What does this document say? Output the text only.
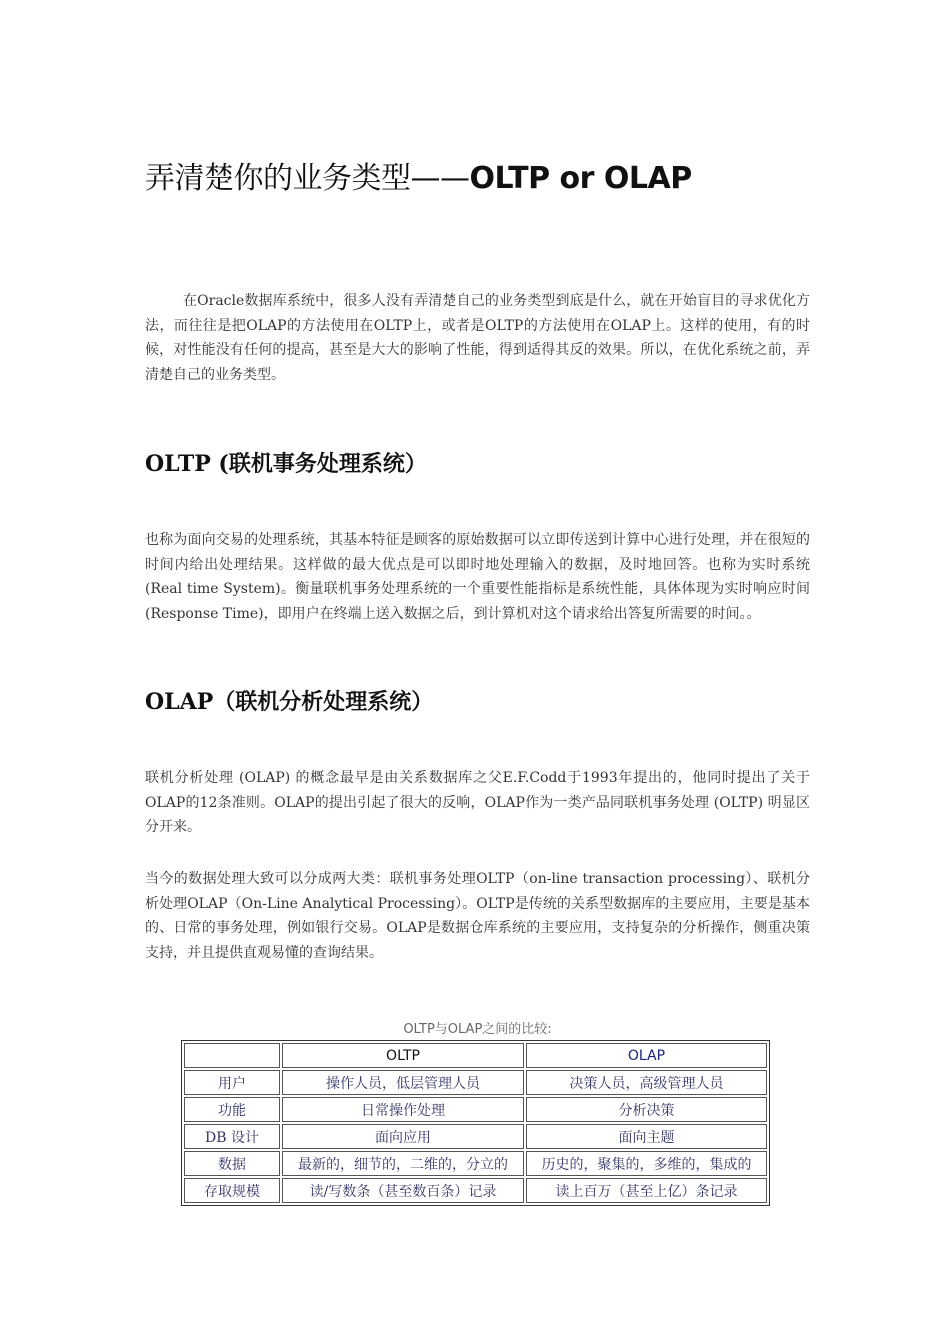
弄清楚你的业务类型——OLTP or OLAP

在Oracle数据库系统中，很多人没有弄清楚自己的业务类型到底是什么，就在开始盲目的寻求优化方法，而往往是把OLAP的方法使用在OLTP上，或者是OLTP的方法使用在OLAP上。这样的使用，有的时候，对性能没有任何的提高，甚至是大大的影响了性能，得到适得其反的效果。所以，在优化系统之前，弄清楚自己的业务类型。

OLTP (联机事务处理系统）

也称为面向交易的处理系统，其基本特征是顾客的原始数据可以立即传送到计算中心进行处理，并在很短的时间内给出处理结果。这样做的最大优点是可以即时地处理输入的数据，及时地回答。也称为实时系统(Real time System)。衡量联机事务处理系统的一个重要性能指标是系统性能，具体体现为实时响应时间(Response Time)，即用户在终端上送入数据之后，到计算机对这个请求给出答复所需要的时间。。

OLAP（联机分析处理系统）

联机分析处理 (OLAP) 的概念最早是由关系数据库之父E.F.Codd于1993年提出的，他同时提出了关于OLAP的12条准则。OLAP的提出引起了很大的反响，OLAP作为一类产品同联机事务处理 (OLTP) 明显区分开来。

当今的数据处理大致可以分成两大类：联机事务处理OLTP（on-line transaction processing）、联机分析处理OLAP（On-Line Analytical Processing）。OLTP是传统的关系型数据库的主要应用，主要是基本的、日常的事务处理，例如银行交易。OLAP是数据仓库系统的主要应用，支持复杂的分析操作，侧重决策支持，并且提供直观易懂的查询结果。

OLTP与OLAP之间的比较:
	OLTP	OLAP
用户	操作人员，低层管理人员	决策人员，高级管理人员
功能	日常操作处理	分析决策
DB 设计	面向应用	面向主题
数据	最新的，细节的，二维的，分立的	历史的，聚集的，多维的，集成的
存取规模	读/写数条（甚至数百条）记录	读上百万（甚至上亿）条记录
